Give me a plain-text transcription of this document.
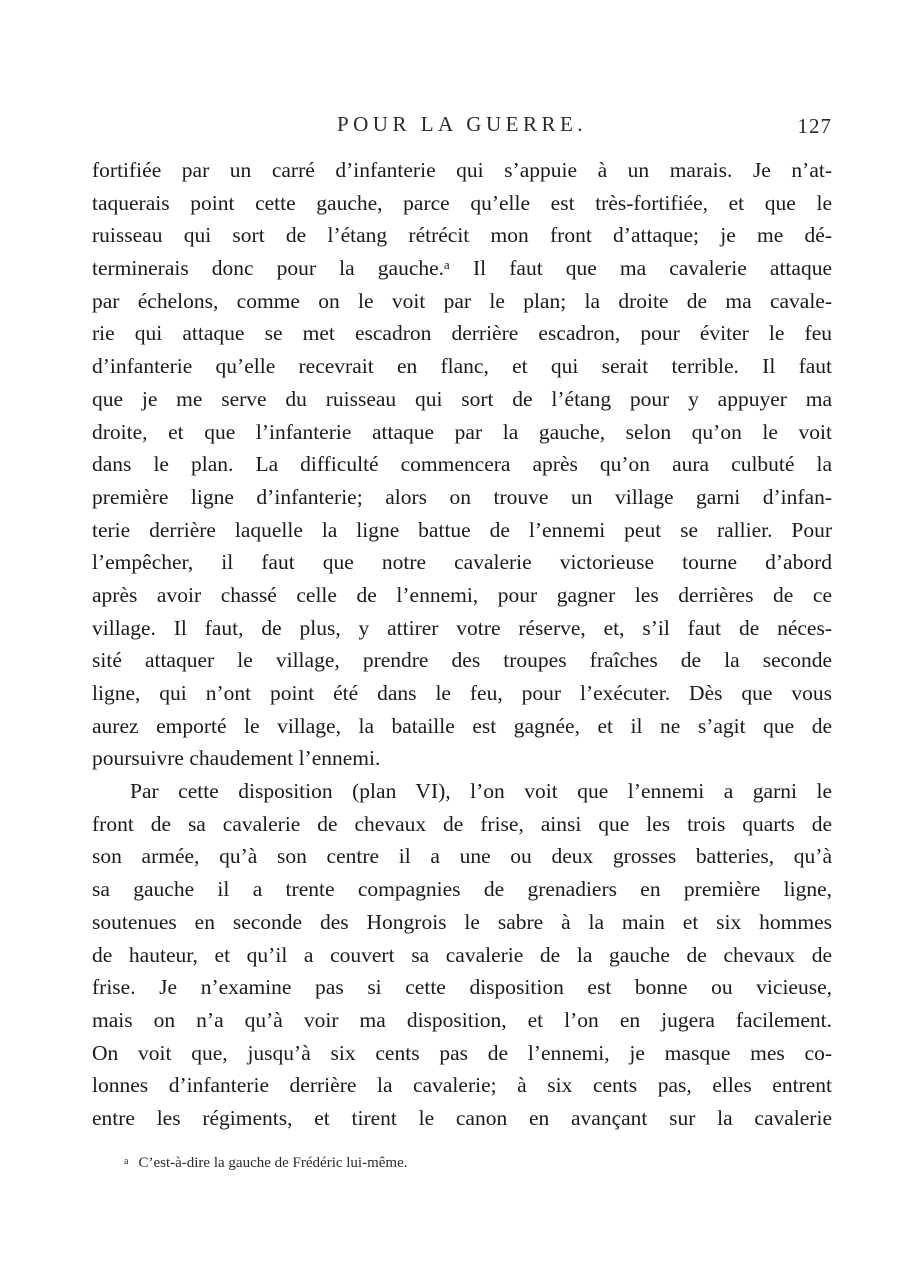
POUR LA GUERRE.	127
fortifiée par un carré d’infanterie qui s’appuie à un marais. Je n’at-
taquerais point cette gauche, parce qu’elle est très-fortifiée, et que le
ruisseau qui sort de l’étang rétrécit mon front d’attaque; je me dé-
terminerais donc pour la gauche.ᵃ Il faut que ma cavalerie attaque
par échelons, comme on le voit par le plan; la droite de ma cavale-
rie qui attaque se met escadron derrière escadron, pour éviter le feu
d’infanterie qu’elle recevrait en flanc, et qui serait terrible. Il faut
que je me serve du ruisseau qui sort de l’étang pour y appuyer ma
droite, et que l’infanterie attaque par la gauche, selon qu’on le voit
dans le plan. La difficulté commencera après qu’on aura culbuté la
première ligne d’infanterie; alors on trouve un village garni d’infan-
terie derrière laquelle la ligne battue de l’ennemi peut se rallier. Pour
l’empêcher, il faut que notre cavalerie victorieuse tourne d’abord
après avoir chassé celle de l’ennemi, pour gagner les derrières de ce
village. Il faut, de plus, y attirer votre réserve, et, s’il faut de néces-
sité attaquer le village, prendre des troupes fraîches de la seconde
ligne, qui n’ont point été dans le feu, pour l’exécuter. Dès que vous
aurez emporté le village, la bataille est gagnée, et il ne s’agit que de
poursuivre chaudement l’ennemi.
Par cette disposition (plan VI), l’on voit que l’ennemi a garni le
front de sa cavalerie de chevaux de frise, ainsi que les trois quarts de
son armée, qu’à son centre il a une ou deux grosses batteries, qu’à
sa gauche il a trente compagnies de grenadiers en première ligne,
soutenues en seconde des Hongrois le sabre à la main et six hommes
de hauteur, et qu’il a couvert sa cavalerie de la gauche de chevaux de
frise. Je n’examine pas si cette disposition est bonne ou vicieuse,
mais on n’a qu’à voir ma disposition, et l’on en jugera facilement.
On voit que, jusqu’à six cents pas de l’ennemi, je masque mes co-
lonnes d’infanterie derrière la cavalerie; à six cents pas, elles entrent
entre les régiments, et tirent le canon en avançant sur la cavalerie
$^a$ C’est-à-dire la gauche de Frédéric lui-même.
